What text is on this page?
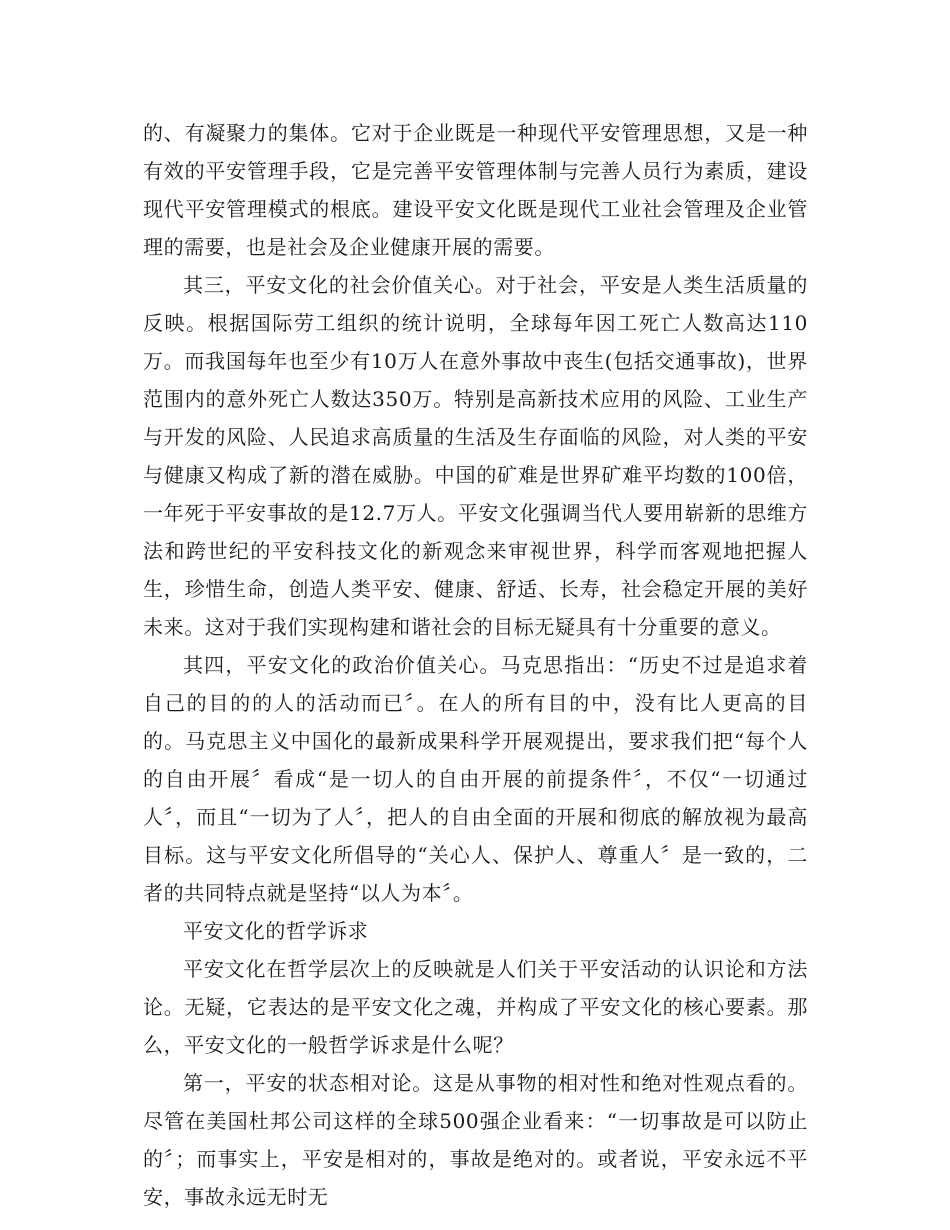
的、有凝聚力的集体。它对于企业既是一种现代平安管理思想，又是一种有效的平安管理手段，它是完善平安管理体制与完善人员行为素质，建设现代平安管理模式的根底。建设平安文化既是现代工业社会管理及企业管理的需要，也是社会及企业健康开展的需要。

其三，平安文化的社会价值关心。对于社会，平安是人类生活质量的反映。根据国际劳工组织的统计说明，全球每年因工死亡人数高达110万。而我国每年也至少有10万人在意外事故中丧生(包括交通事故)，世界范围内的意外死亡人数达350万。特别是高新技术应用的风险、工业生产与开发的风险、人民追求高质量的生活及生存面临的风险，对人类的平安与健康又构成了新的潜在威胁。中国的矿难是世界矿难平均数的100倍，一年死于平安事故的是12.7万人。平安文化强调当代人要用崭新的思维方法和跨世纪的平安科技文化的新观念来审视世界，科学而客观地把握人生，珍惜生命，创造人类平安、健康、舒适、长寿，社会稳定开展的美好未来。这对于我们实现构建和谐社会的目标无疑具有十分重要的意义。

其四，平安文化的政治价值关心。马克思指出：“历史不过是追求着自己的目的的人的活动而已〞。在人的所有目的中，没有比人更高的目的。马克思主义中国化的最新成果科学开展观提出，要求我们把“每个人的自由开展〞看成“是一切人的自由开展的前提条件〞，不仅“一切通过人〞，而且“一切为了人〞，把人的自由全面的开展和彻底的解放视为最高目标。这与平安文化所倡导的“关心人、保护人、尊重人〞是一致的，二者的共同特点就是坚持“以人为本〞。

平安文化的哲学诉求

平安文化在哲学层次上的反映就是人们关于平安活动的认识论和方法论。无疑，它表达的是平安文化之魂，并构成了平安文化的核心要素。那么，平安文化的一般哲学诉求是什么呢？

第一，平安的状态相对论。这是从事物的相对性和绝对性观点看的。尽管在美国杜邦公司这样的全球500强企业看来：“一切事故是可以防止的〞；而事实上，平安是相对的，事故是绝对的。或者说，平安永远不平安，事故永远无时无
